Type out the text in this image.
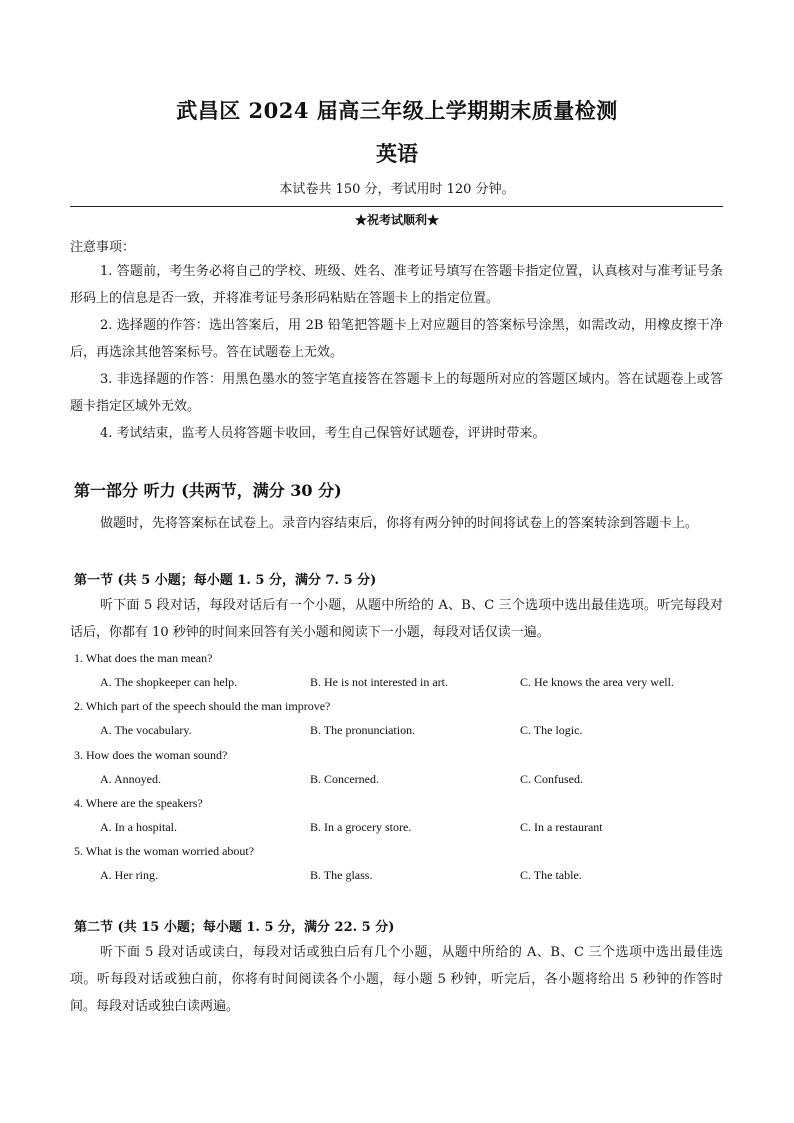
武昌区 2024 届高三年级上学期期末质量检测
英语
本试卷共 150 分，考试用时 120 分钟。
★祝考试顺利★
注意事项：
1. 答题前，考生务必将自己的学校、班级、姓名、准考证号填写在答题卡指定位置，认真核对与准考证号条形码上的信息是否一致，并将准考证号条形码粘贴在答题卡上的指定位置。
2. 选择题的作答：选出答案后，用 2B 铅笔把答题卡上对应题目的答案标号涂黑，如需改动，用橡皮擦干净后，再选涂其他答案标号。答在试题卷上无效。
3. 非选择题的作答：用黑色墨水的签字笔直接答在答题卡上的每题所对应的答题区域内。答在试题卷上或答题卡指定区域外无效。
4. 考试结束，监考人员将答题卡收回，考生自己保管好试题卷，评讲时带来。
第一部分 听力 (共两节，满分 30 分)
做题时，先将答案标在试卷上。录音内容结束后，你将有两分钟的时间将试卷上的答案转涂到答题卡上。
第一节 (共 5 小题；每小题 1. 5 分，满分 7. 5 分)
听下面 5 段对话，每段对话后有一个小题，从题中所给的 A、B、C 三个选项中选出最佳选项。听完每段对话后，你都有 10 秒钟的时间来回答有关小题和阅读下一小题，每段对话仅读一遍。
1. What does the man mean?
A. The shopkeeper can help.	B. He is not interested in art.	C. He knows the area very well.
2. Which part of the speech should the man improve?
A. The vocabulary.	B. The pronunciation.	C. The logic.
3. How does the woman sound?
A. Annoyed.	B. Concerned.	C. Confused.
4. Where are the speakers?
A. In a hospital.	B. In a grocery store.	C. In a restaurant
5. What is the woman worried about?
A. Her ring.	B. The glass.	C. The table.
第二节 (共 15 小题；每小题 1. 5 分，满分 22. 5 分)
听下面 5 段对话或读白，每段对话或独白后有几个小题，从题中所给的 A、B、C 三个选项中选出最佳选项。听每段对话或独白前，你将有时间阅读各个小题，每小题 5 秒钟，听完后，各小题将给出 5 秒钟的作答时间。每段对话或独白读两遍。
